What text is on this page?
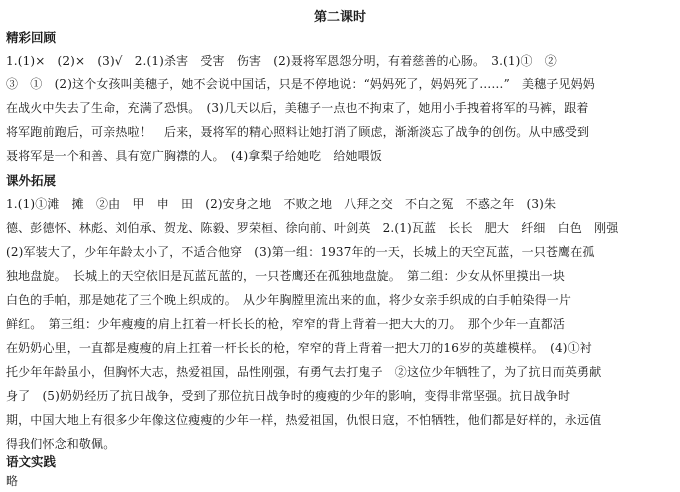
第二课时
精彩回顾
1.(1)×　(2)×　(3)√　2.(1)杀害　受害　伤害　(2)聂将军恩怨分明，有着慈善的心肠。　3.(1)①　②
③　①　(2)这个女孩叫美穗子，她不会说中国话，只是不停地说：“妈妈死了，妈妈死了……”　美穗子见妈妈
在战火中失去了生命，充满了恐惧。　(3)几天以后，美穗子一点也不拘束了，她用小手拽着将军的马裤，跟着
将军跑前跑后，可亲热啦！　后来，聂将军的精心照料让她打消了顾虑，渐渐淡忘了战争的创伤。从中感受到
聂将军是一个和善、具有宽广胸襟的人。　(4)拿梨子给她吃　给她喂饭
课外拓展
1.(1)①滩　摊　②由　甲　申　田　(2)安身之地　不败之地　八拜之交　不白之冤　不惑之年　(3)朱
德、彭德怀、林彪、刘伯承、贺龙、陈毅、罗荣桓、徐向前、叶剑英　2.(1)瓦蓝　长长　肥大　纤细　白色　刚强
(2)军装大了，少年年龄太小了，不适合他穿　(3)第一组：1937年的一天，长城上的天空瓦蓝，一只苍鹰在孤
独地盘旋。　长城上的天空依旧是瓦蓝瓦蓝的，一只苍鹰还在孤独地盘旋。　第二组：少女从怀里摸出一块
白色的手帕，那是她花了三个晚上织成的。　从少年胸膛里流出来的血，将少女亲手织成的白手帕染得一片
鲜红。　第三组：少年瘦瘦的肩上扛着一杆长长的枪，窄窄的背上背着一把大大的刀。　那个少年一直都活
在奶奶心里，一直都是瘦瘦的肩上扛着一杆长长的枪，窄窄的背上背着一把大刀的16岁的英雄模样。　(4)①衬
托少年年龄虽小，但胸怀大志，热爱祖国，品性刚强，有勇气去打鬼子　②这位少年牺牲了，为了抗日而英勇献
身了　(5)奶奶经历了抗日战争，受到了那位抗日战争时的瘦瘦的少年的影响，变得非常坚强。抗日战争时
期，中国大地上有很多少年像这位瘦瘦的少年一样，热爱祖国，仇恨日寇，不怕牺牲，他们都是好样的，永远值
得我们怀念和敬佩。
语文实践
略
